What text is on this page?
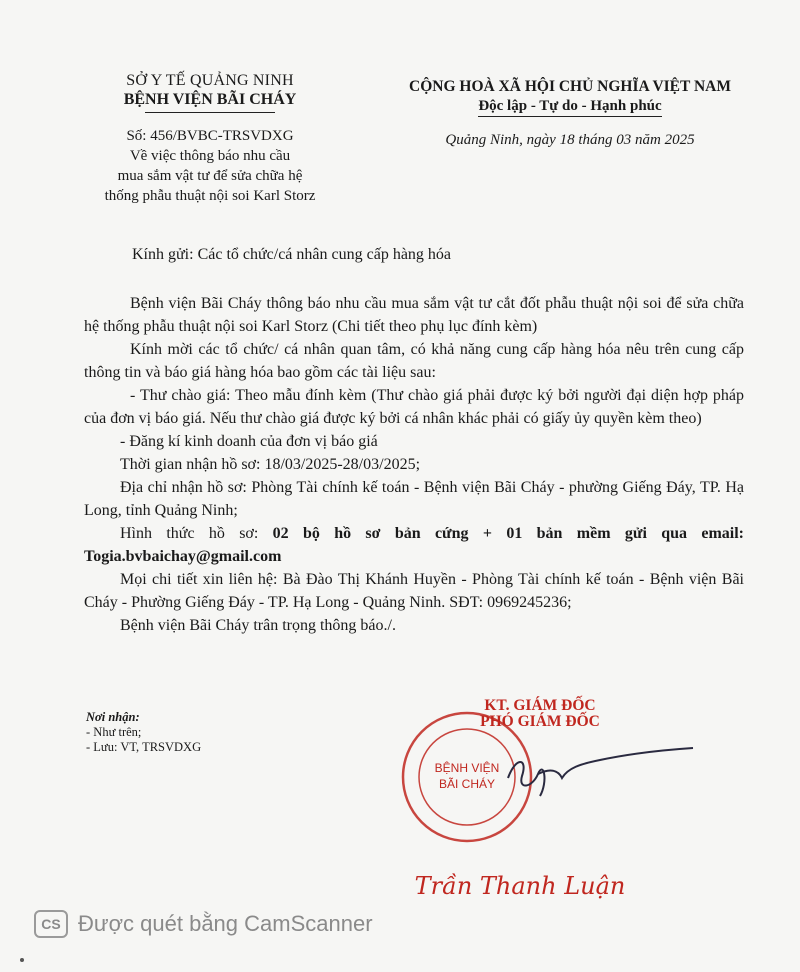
SỞ Y TẾ QUẢNG NINH
BỆNH VIỆN BÃI CHÁY
Số: 456/BVBC-TRSVDXG
Về việc thông báo nhu cầu
mua sắm vật tư để sửa chữa hệ
thống phẫu thuật nội soi Karl Storz
CỘNG HOÀ XÃ HỘI CHỦ NGHĨA VIỆT NAM
Độc lập - Tự do - Hạnh phúc
Quảng Ninh, ngày 18 tháng 03 năm 2025
Kính gửi: Các tổ chức/cá nhân cung cấp hàng hóa

Bệnh viện Bãi Cháy thông báo nhu cầu mua sắm vật tư cắt đốt phẫu thuật nội soi để sửa chữa hệ thống phẫu thuật nội soi Karl Storz (Chi tiết theo phụ lục đính kèm)

Kính mời các tổ chức/ cá nhân quan tâm, có khả năng cung cấp hàng hóa nêu trên cung cấp thông tin và báo giá hàng hóa bao gồm các tài liệu sau:

- Thư chào giá: Theo mẫu đính kèm (Thư chào giá phải được ký bởi người đại diện hợp pháp của đơn vị báo giá. Nếu thư chào giá được ký bởi cá nhân khác phải có giấy ủy quyền kèm theo)

- Đăng kí kinh doanh của đơn vị báo giá

Thời gian nhận hồ sơ: 18/03/2025-28/03/2025;

Địa chỉ nhận hồ sơ: Phòng Tài chính kế toán - Bệnh viện Bãi Cháy - phường Giếng Đáy, TP. Hạ Long, tỉnh Quảng Ninh;

Hình thức hồ sơ: 02 bộ hồ sơ bản cứng + 01 bản mềm gửi qua email: Togia.bvbaichay@gmail.com

Mọi chi tiết xin liên hệ: Bà Đào Thị Khánh Huyền - Phòng Tài chính kế toán - Bệnh viện Bãi Cháy - Phường Giếng Đáy - TP. Hạ Long - Quảng Ninh. SĐT: 0969245236;

Bệnh viện Bãi Cháy trân trọng thông báo./.

Nơi nhận:
- Như trên;
- Lưu: VT, TRSVDXG
KT. GIÁM ĐỐC
PHÓ GIÁM ĐỐC
BỆNH VIỆN
BÃI CHÁY
Trần Thanh Luận
CS Được quét bằng CamScanner
